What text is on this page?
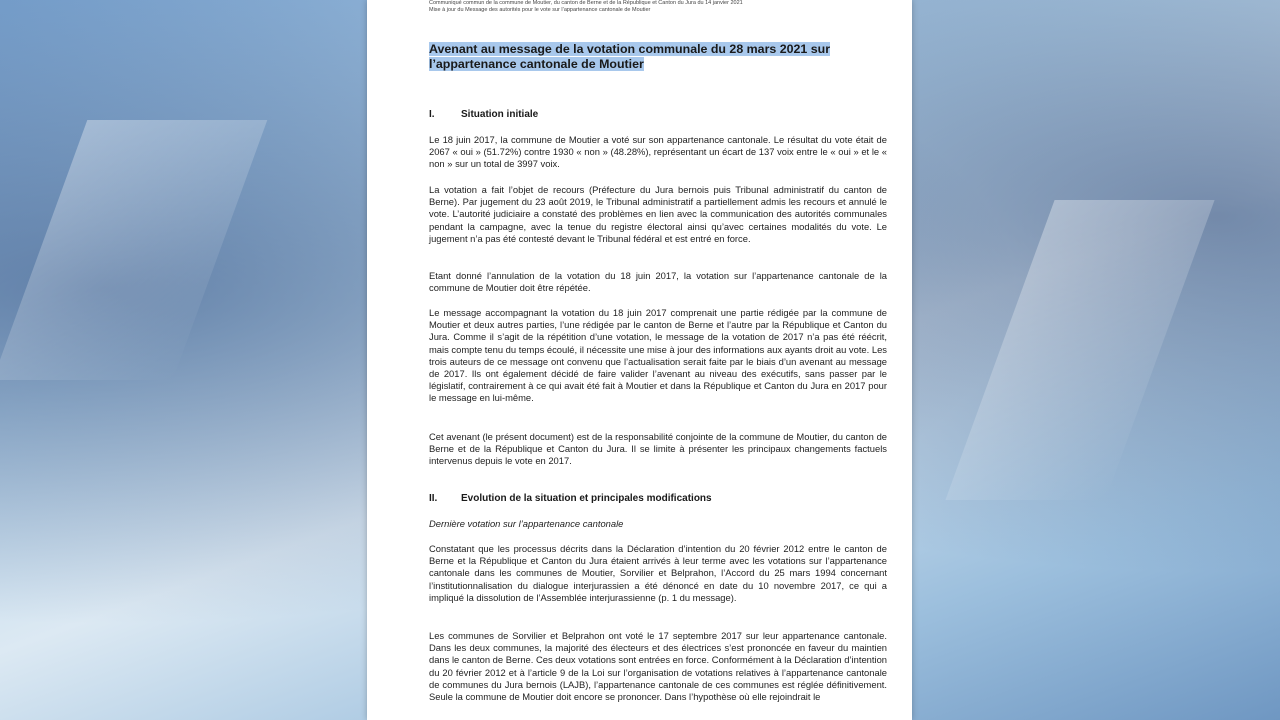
Communiqué commun de la commune de Moutier, du canton de Berne et de la République et Canton du Jura du 14 janvier 2021
Mise à jour du Message des autorités pour le vote sur l’appartenance cantonale de Moutier
Avenant au message de la votation communale du 28 mars 2021 sur l’appartenance cantonale de Moutier
I.	Situation initiale

Le 18 juin 2017, la commune de Moutier a voté sur son appartenance cantonale. Le résultat du vote était de 2067 « oui » (51.72%) contre 1930 « non » (48.28%), représentant un écart de 137 voix entre le « oui » et le « non » sur un total de 3997 voix.

La votation a fait l’objet de recours (Préfecture du Jura bernois puis Tribunal administratif du canton de Berne). Par jugement du 23 août 2019, le Tribunal administratif a partiellement admis les recours et annulé le vote. L’autorité judiciaire a constaté des problèmes en lien avec la communication des autorités communales pendant la campagne, avec la tenue du registre électoral ainsi qu’avec certaines modalités du vote. Le jugement n’a pas été contesté devant le Tribunal fédéral et est entré en force.

Etant donné l’annulation de la votation du 18 juin 2017, la votation sur l’appartenance cantonale de la commune de Moutier doit être répétée.

Le message accompagnant la votation du 18 juin 2017 comprenait une partie rédigée par la commune de Moutier et deux autres parties, l’une rédigée par le canton de Berne et l’autre par la République et Canton du Jura. Comme il s’agit de la répétition d’une votation, le message de la votation de 2017 n’a pas été réécrit, mais compte tenu du temps écoulé, il nécessite une mise à jour des informations aux ayants droit au vote. Les trois auteurs de ce message ont convenu que l’actualisation serait faite par le biais d’un avenant au message de 2017. Ils ont également décidé de faire valider l’avenant au niveau des exécutifs, sans passer par le législatif, contrairement à ce qui avait été fait à Moutier et dans la République et Canton du Jura en 2017 pour le message en lui-même.

Cet avenant (le présent document) est de la responsabilité conjointe de la commune de Moutier, du canton de Berne et de la République et Canton du Jura. Il se limite à présenter les principaux changements factuels intervenus depuis le vote en 2017.

II. Evolution de la situation et principales modifications
Dernière votation sur l’appartenance cantonale

Constatant que les processus décrits dans la Déclaration d’intention du 20 février 2012 entre le canton de Berne et la République et Canton du Jura étaient arrivés à leur terme avec les votations sur l’appartenance cantonale dans les communes de Moutier, Sorvilier et Belprahon, l’Accord du 25 mars 1994 concernant l’institutionnalisation du dialogue interjurassien a été dénoncé en date du 10 novembre 2017, ce qui a impliqué la dissolution de l’Assemblée interjurassienne (p. 1 du message).

Les communes de Sorvilier et Belprahon ont voté le 17 septembre 2017 sur leur appartenance cantonale. Dans les deux communes, la majorité des électeurs et des électrices s’est prononcée en faveur du maintien dans le canton de Berne. Ces deux votations sont entrées en force. Conformément à la Déclaration d’intention du 20 février 2012 et à l’article 9 de la Loi sur l’organisation de votations relatives à l’appartenance cantonale de communes du Jura bernois (LAJB), l’appartenance cantonale de ces communes est réglée définitivement. Seule la commune de Moutier doit encore se prononcer. Dans l’hypothèse où elle rejoindrait le
